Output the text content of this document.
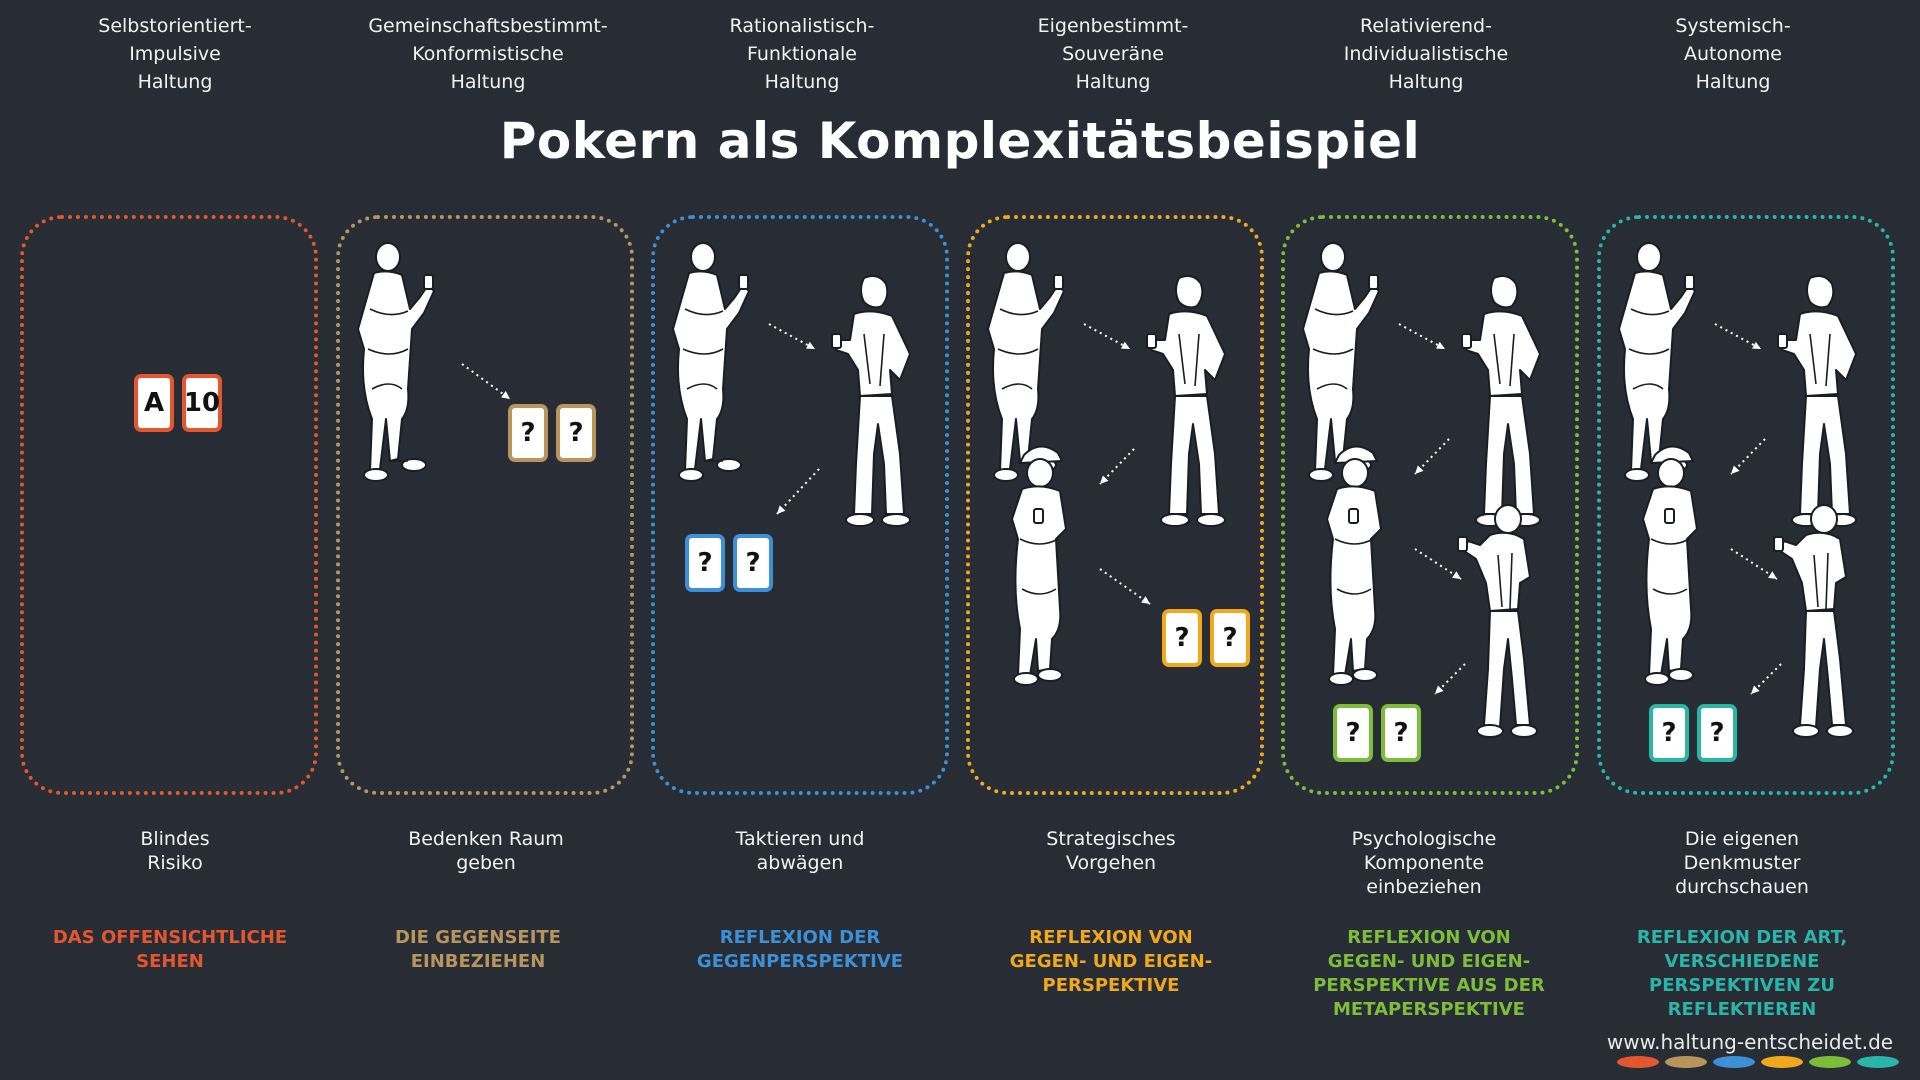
Selbstorientiert-
Impulsive
Haltung
A 10
Blindes
Risiko
DAS OFFENSICHTLICHE
SEHEN
Gemeinschaftsbestimmt-
Konformistische
Haltung
? ?
Bedenken Raum
geben
DIE GEGENSEITE
EINBEZIEHEN
Rationalistisch-
Funktionale
Haltung
? ?
Taktieren und
abwägen
REFLEXION DER
GEGENPERSPEKTIVE
Eigenbestimmt-
Souveräne
Haltung
? ?
Strategisches
Vorgehen
REFLEXION VON
GEGEN- UND EIGEN-
PERSPEKTIVE
Relativierend-
Individualistische
Haltung
? ?
Psychologische
Komponente
einbeziehen
REFLEXION VON
GEGEN- UND EIGEN-
PERSPEKTIVE AUS DER
METAPERSPEKTIVE
Systemisch-
Autonome
Haltung
? ?
Die eigenen
Denkmuster
durchschauen
REFLEXION DER ART,
VERSCHIEDENE
PERSPEKTIVEN ZU
REFLEKTIEREN
Pokern als Komplexitätsbeispiel
www.haltung-entscheidet.de
